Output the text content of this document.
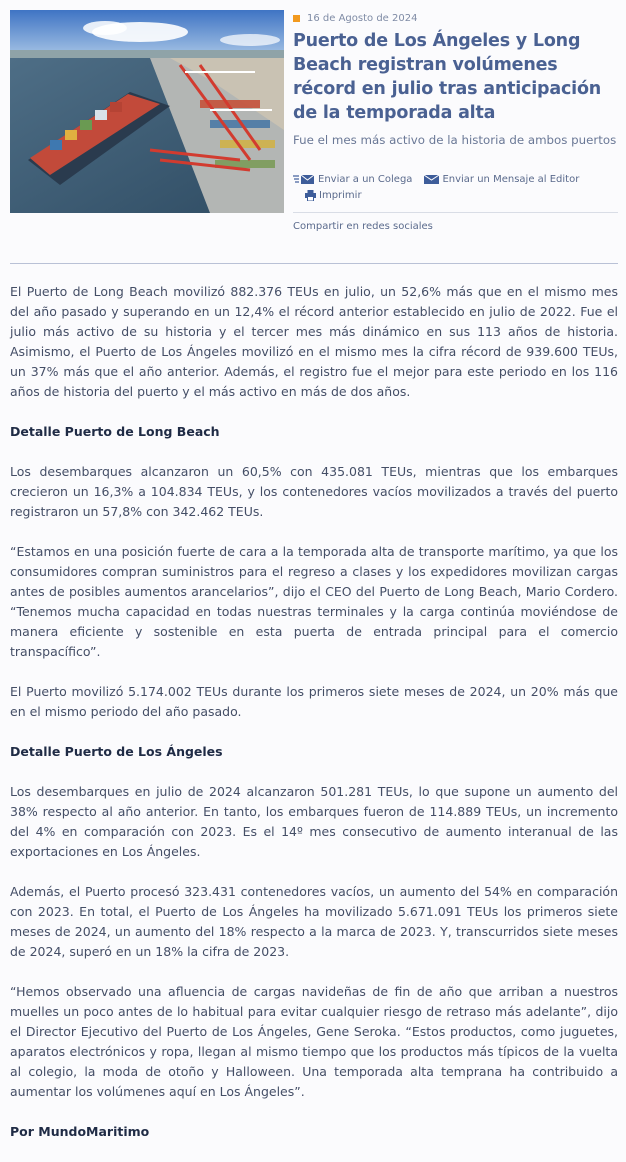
16 de Agosto de 2024
Puerto de Los Ángeles y Long Beach registran volúmenes récord en julio tras anticipación de la temporada alta
Fue el mes más activo de la historia de ambos puertos
Enviar a un Colega	Enviar un Mensaje al Editor
Imprimir
Compartir en redes sociales

El Puerto de Long Beach movilizó 882.376 TEUs en julio, un 52,6% más que en el mismo mes del año pasado y superando en un 12,4% el récord anterior establecido en julio de 2022. Fue el julio más activo de su historia y el tercer mes más dinámico en sus 113 años de historia. Asimismo, el Puerto de Los Ángeles movilizó en el mismo mes la cifra récord de 939.600 TEUs, un 37% más que el año anterior. Además, el registro fue el mejor para este periodo en los 116 años de historia del puerto y el más activo en más de dos años.

Detalle Puerto de Long Beach

Los desembarques alcanzaron un 60,5% con 435.081 TEUs, mientras que los embarques crecieron un 16,3% a 104.834 TEUs, y los contenedores vacíos movilizados a través del puerto registraron un 57,8% con 342.462 TEUs.

“Estamos en una posición fuerte de cara a la temporada alta de transporte marítimo, ya que los consumidores compran suministros para el regreso a clases y los expedidores movilizan cargas antes de posibles aumentos arancelarios”, dijo el CEO del Puerto de Long Beach, Mario Cordero. “Tenemos mucha capacidad en todas nuestras terminales y la carga continúa moviéndose de manera eficiente y sostenible en esta puerta de entrada principal para el comercio transpacífico”.

El Puerto movilizó 5.174.002 TEUs durante los primeros siete meses de 2024, un 20% más que en el mismo periodo del año pasado.

Detalle Puerto de Los Ángeles

Los desembarques en julio de 2024 alcanzaron 501.281 TEUs, lo que supone un aumento del 38% respecto al año anterior. En tanto, los embarques fueron de 114.889 TEUs, un incremento del 4% en comparación con 2023. Es el 14º mes consecutivo de aumento interanual de las exportaciones en Los Ángeles.

Además, el Puerto procesó 323.431 contenedores vacíos, un aumento del 54% en comparación con 2023. En total, el Puerto de Los Ángeles ha movilizado 5.671.091 TEUs los primeros siete meses de 2024, un aumento del 18% respecto a la marca de 2023. Y, transcurridos siete meses de 2024, superó en un 18% la cifra de 2023.

“Hemos observado una afluencia de cargas navideñas de fin de año que arriban a nuestros muelles un poco antes de lo habitual para evitar cualquier riesgo de retraso más adelante”, dijo el Director Ejecutivo del Puerto de Los Ángeles, Gene Seroka. “Estos productos, como juguetes, aparatos electrónicos y ropa, llegan al mismo tiempo que los productos más típicos de la vuelta al colegio, la moda de otoño y Halloween. Una temporada alta temprana ha contribuido a aumentar los volúmenes aquí en Los Ángeles”.

Por MundoMaritimo
